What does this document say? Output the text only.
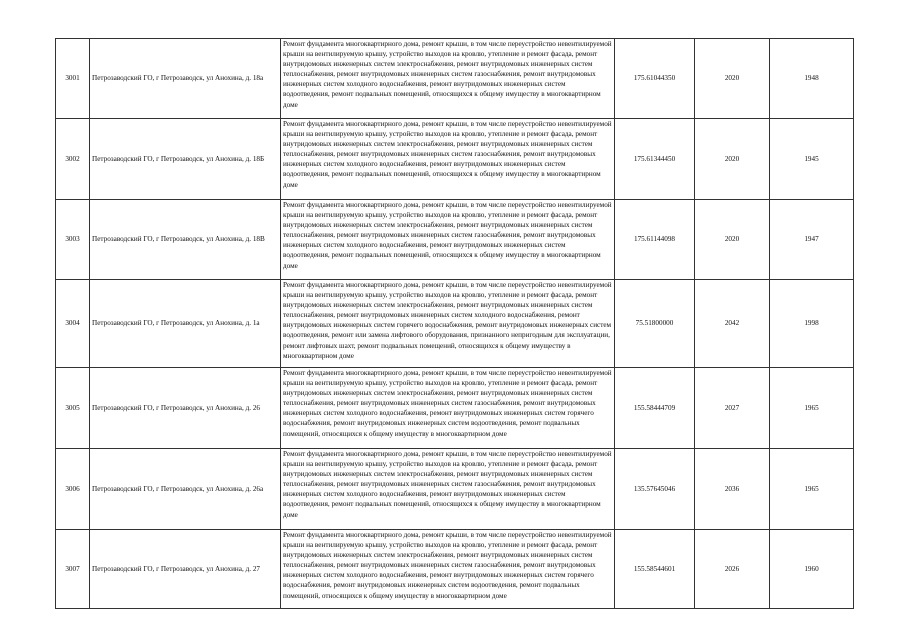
3001	Петрозаводский ГО, г Петрозаводск, ул Анохина, д. 18а	Ремонт фундамента многоквартирного дома, ремонт крыши, в том числе переустройство невентилируемой крыши на вентилируемую крышу, устройство выходов на кровлю, утепление и ремонт фасада, ремонт внутридомовых инженерных систем электроснабжения, ремонт внутридомовых инженерных систем теплоснабжения, ремонт внутридомовых инженерных систем газоснабжения, ремонт внутридомовых инженерных систем холодного водоснабжения, ремонт внутридомовых инженерных систем водоотведения, ремонт подвальных помещений, относящихся к общему имуществу в многоквартирном доме	175.61044350	2020	1948
3002	Петрозаводский ГО, г Петрозаводск, ул Анохина, д. 18Б	Ремонт фундамента многоквартирного дома, ремонт крыши, в том числе переустройство невентилируемой крыши на вентилируемую крышу, устройство выходов на кровлю, утепление и ремонт фасада, ремонт внутридомовых инженерных систем электроснабжения, ремонт внутридомовых инженерных систем теплоснабжения, ремонт внутридомовых инженерных систем газоснабжения, ремонт внутридомовых инженерных систем холодного водоснабжения, ремонт внутридомовых инженерных систем водоотведения, ремонт подвальных помещений, относящихся к общему имуществу в многоквартирном доме	175.61344450	2020	1945
3003	Петрозаводский ГО, г Петрозаводск, ул Анохина, д. 18В	Ремонт фундамента многоквартирного дома, ремонт крыши, в том числе переустройство невентилируемой крыши на вентилируемую крышу, устройство выходов на кровлю, утепление и ремонт фасада, ремонт внутридомовых инженерных систем электроснабжения, ремонт внутридомовых инженерных систем теплоснабжения, ремонт внутридомовых инженерных систем газоснабжения, ремонт внутридомовых инженерных систем холодного водоснабжения, ремонт внутридомовых инженерных систем водоотведения, ремонт подвальных помещений, относящихся к общему имуществу в многоквартирном доме	175.61144098	2020	1947
3004	Петрозаводский ГО, г Петрозаводск, ул Анохина, д. 1а	Ремонт фундамента многоквартирного дома, ремонт крыши, в том числе переустройство невентилируемой крыши на вентилируемую крышу, устройство выходов на кровлю, утепление и ремонт фасада, ремонт внутридомовых инженерных систем электроснабжения, ремонт внутридомовых инженерных систем теплоснабжения, ремонт внутридомовых инженерных систем холодного водоснабжения, ремонт внутридомовых инженерных систем горячего водоснабжения, ремонт внутридомовых инженерных систем водоотведения, ремонт или замена лифтового оборудования, признанного непригодным для эксплуатации, ремонт лифтовых шахт, ремонт подвальных помещений, относящихся к общему имуществу в многоквартирном доме	75.51800000	2042	1998
3005	Петрозаводский ГО, г Петрозаводск, ул Анохина, д. 26	Ремонт фундамента многоквартирного дома, ремонт крыши, в том числе переустройство невентилируемой крыши на вентилируемую крышу, устройство выходов на кровлю, утепление и ремонт фасада, ремонт внутридомовых инженерных систем электроснабжения, ремонт внутридомовых инженерных систем теплоснабжения, ремонт внутридомовых инженерных систем газоснабжения, ремонт внутридомовых инженерных систем холодного водоснабжения, ремонт внутридомовых инженерных систем горячего водоснабжения, ремонт внутридомовых инженерных систем водоотведения, ремонт подвальных помещений, относящихся к общему имуществу в многоквартирном доме	155.58444709	2027	1965
3006	Петрозаводский ГО, г Петрозаводск, ул Анохина, д. 26а	Ремонт фундамента многоквартирного дома, ремонт крыши, в том числе переустройство невентилируемой крыши на вентилируемую крышу, устройство выходов на кровлю, утепление и ремонт фасада, ремонт внутридомовых инженерных систем электроснабжения, ремонт внутридомовых инженерных систем теплоснабжения, ремонт внутридомовых инженерных систем газоснабжения, ремонт внутридомовых инженерных систем холодного водоснабжения, ремонт внутридомовых инженерных систем водоотведения, ремонт подвальных помещений, относящихся к общему имуществу в многоквартирном доме	135.57645046	2036	1965
3007	Петрозаводский ГО, г Петрозаводск, ул Анохина, д. 27	Ремонт фундамента многоквартирного дома, ремонт крыши, в том числе переустройство невентилируемой крыши на вентилируемую крышу, устройство выходов на кровлю, утепление и ремонт фасада, ремонт внутридомовых инженерных систем электроснабжения, ремонт внутридомовых инженерных систем теплоснабжения, ремонт внутридомовых инженерных систем газоснабжения, ремонт внутридомовых инженерных систем холодного водоснабжения, ремонт внутридомовых инженерных систем горячего водоснабжения, ремонт внутридомовых инженерных систем водоотведения, ремонт подвальных помещений, относящихся к общему имуществу в многоквартирном доме	155.58544601	2026	1960
